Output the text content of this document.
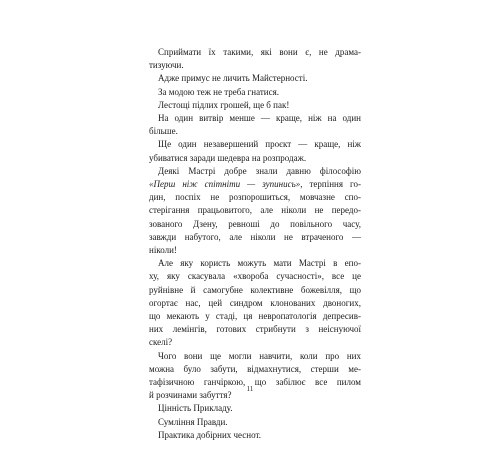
Сприймати їх такими, які вони є, не драма-
тизуючи.

Адже примус не личить Майстерності.

За модою теж не треба гнатися.

Лестощі підлих грошей, ще б пак!

На один витвір менше — краще, ніж на один
більше.

Ще один незавершений проєкт — краще, ніж
убиватися заради шедевра на розпродаж.

Деякі Мастрі добре знали давню філософію
«Перш ніж спітніти — зупинись», терпіння го-
дин, поспіх не розпорошиться, мовчазне спо-
стерігання працьовитого, але ніколи не передо-
зованого Дзену, ревноші до повільного часу,
завжди набутого, але ніколи не втраченого —
ніколи!

Але яку користь можуть мати Мастрі в епо-
ху, яку скасувала «хвороба сучасності», все це
руйнівне й самогубне колективне божевілля, що
огортає нас, цей синдром клонованих двоногих,
що мекають у стаді, ця невропатологія депресив-
них лемінгів, готових стрибнути з неіснуючої
скелі?

Чого вони ще могли навчити, коли про них
можна було забути, відмахнутися, стерши ме-
тафізичною ганчіркою, що забілює все пилом
й розчинами забуття?

Цінність Прикладу.

Сумління Правди.

Практика добірних чеснот.

11
